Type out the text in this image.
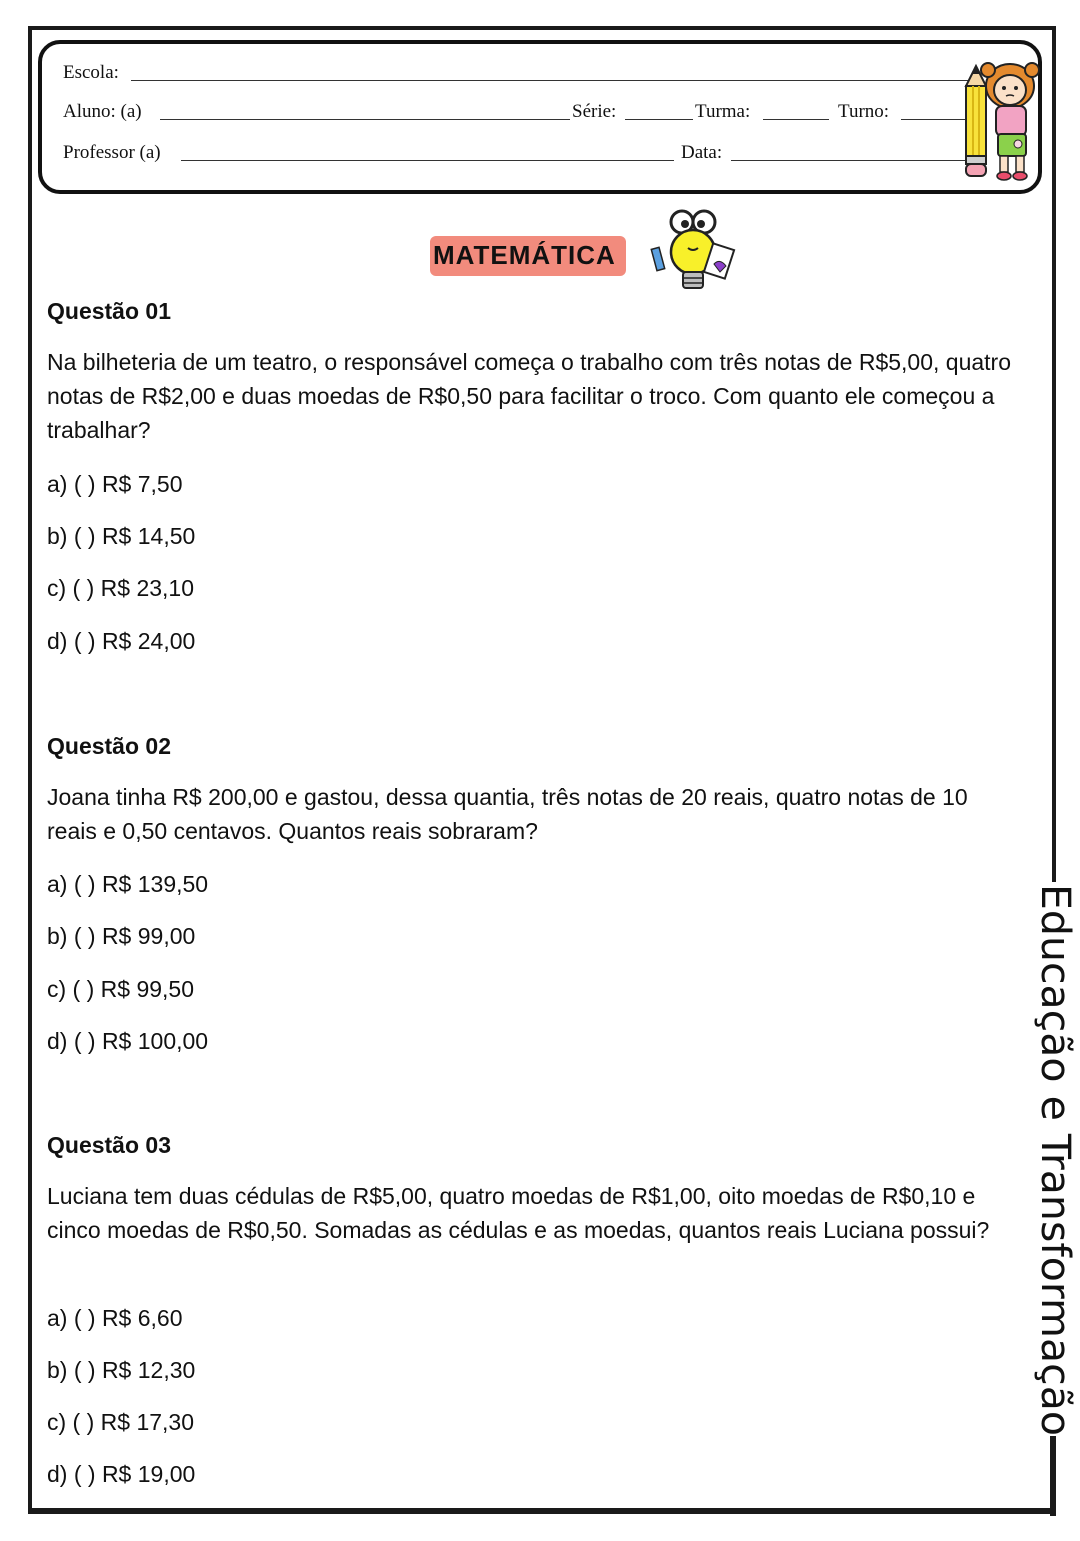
Escola:
Aluno: (a)	Série:	Turma:	Turno:
Professor (a)	Data:
MATEMÁTICA
Questão 01
Na bilheteria de um teatro, o responsável começa o trabalho com três notas de R$5,00, quatro notas de R$2,00 e duas moedas de R$0,50 para facilitar o troco. Com quanto ele começou a trabalhar?
a) ( ) R$ 7,50
b) ( ) R$ 14,50
c) ( ) R$ 23,10
d) ( ) R$ 24,00
Questão 02
Joana tinha R$ 200,00 e gastou, dessa quantia, três notas de 20 reais, quatro notas de 10 reais e 0,50 centavos. Quantos reais sobraram?
a) ( ) R$ 139,50
b) ( ) R$ 99,00
c) ( ) R$ 99,50
d) ( ) R$ 100,00
Questão 03
Luciana tem duas cédulas de R$5,00, quatro moedas de R$1,00, oito moedas de R$0,10 e cinco moedas de R$0,50. Somadas as cédulas e as moedas, quantos reais Luciana possui?
a) ( ) R$ 6,60
b) ( ) R$ 12,30
c) ( ) R$ 17,30
d) ( ) R$ 19,00
Educação e Transformação
